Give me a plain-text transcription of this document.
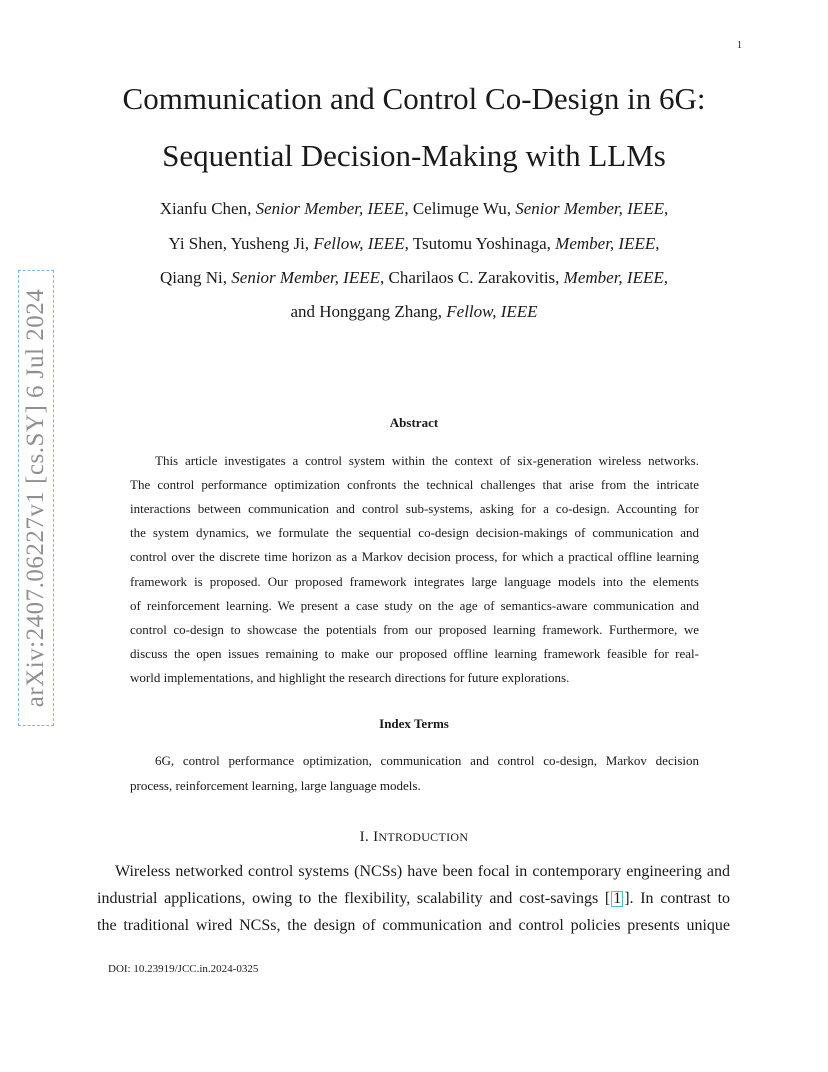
1
arXiv:2407.06227v1 [cs.SY] 6 Jul 2024
Communication and Control Co-Design in 6G:
Sequential Decision-Making with LLMs
Xianfu Chen, Senior Member, IEEE, Celimuge Wu, Senior Member, IEEE,
Yi Shen, Yusheng Ji, Fellow, IEEE, Tsutomu Yoshinaga, Member, IEEE,
Qiang Ni, Senior Member, IEEE, Charilaos C. Zarakovitis, Member, IEEE,
and Honggang Zhang, Fellow, IEEE
Abstract
This article investigates a control system within the context of six-generation wireless networks.
The control performance optimization confronts the technical challenges that arise from the intricate
interactions between communication and control sub-systems, asking for a co-design. Accounting for
the system dynamics, we formulate the sequential co-design decision-makings of communication and
control over the discrete time horizon as a Markov decision process, for which a practical offline learning
framework is proposed. Our proposed framework integrates large language models into the elements
of reinforcement learning. We present a case study on the age of semantics-aware communication and
control co-design to showcase the potentials from our proposed learning framework. Furthermore, we
discuss the open issues remaining to make our proposed offline learning framework feasible for real-
world implementations, and highlight the research directions for future explorations.
Index Terms
6G, control performance optimization, communication and control co-design, Markov decision
process, reinforcement learning, large language models.
I. INTRODUCTION
Wireless networked control systems (NCSs) have been focal in contemporary engineering and
industrial applications, owing to the flexibility, scalability and cost-savings [ 1 ]. In contrast to
the traditional wired NCSs, the design of communication and control policies presents unique
DOI: 10.23919/JCC.in.2024-0325
